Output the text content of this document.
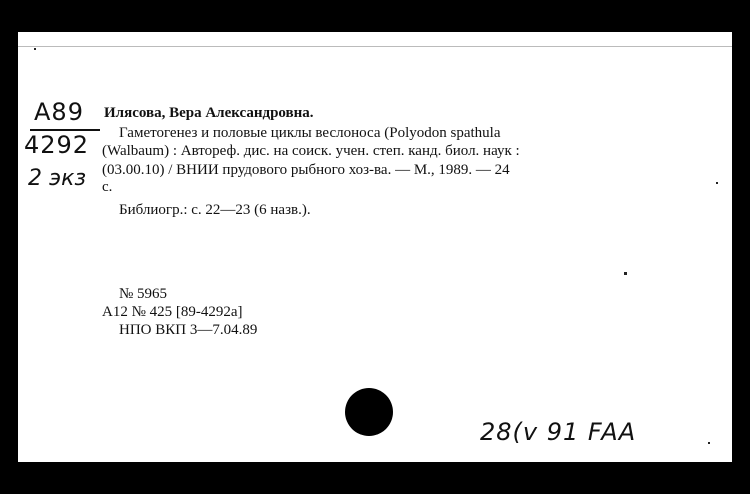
А89
4292
2 экз
Илясова, Вера Александровна.
Гаметогенез и половые циклы веслоноса (Polyodon spathula
(Walbaum) : Автореф. дис. на соиск. учен. степ. канд. биол. наук :
(03.00.10) / ВНИИ прудового рыбного хоз-ва. — М., 1989. — 24
с.
Библиогр.: с. 22—23 (6 назв.).
№ 5965
А12 № 425 [89-4292а]
НПО ВКП 3—7.04.89
28(v 91 FAA
